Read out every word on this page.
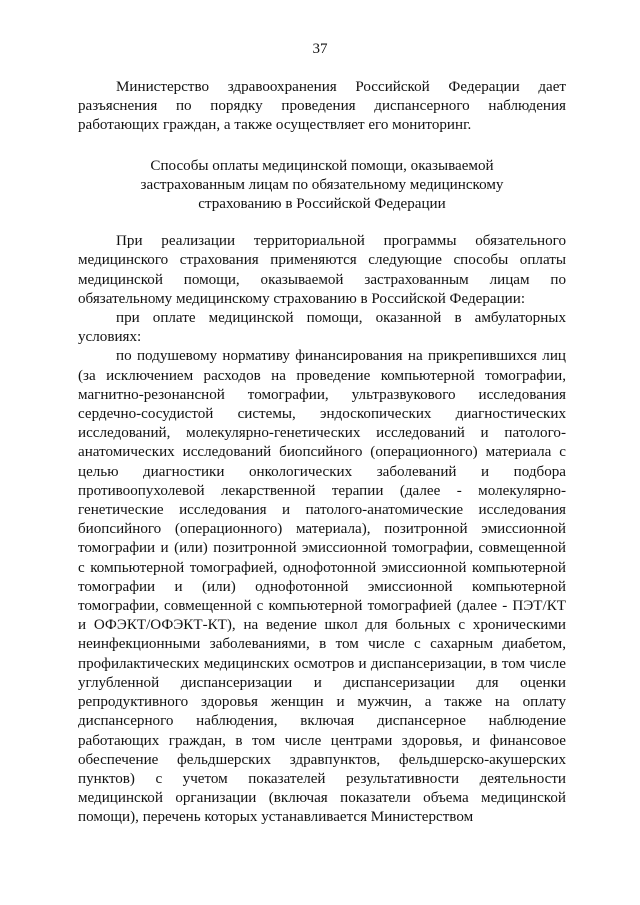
37

Министерство здравоохранения Российской Федерации дает разъяснения по порядку проведения диспансерного наблюдения работающих граждан, а также осуществляет его мониторинг.

Способы оплаты медицинской помощи, оказываемой
застрахованным лицам по обязательному медицинскому
страхованию в Российской Федерации

При реализации территориальной программы обязательного медицинского страхования применяются следующие способы оплаты медицинской помощи, оказываемой застрахованным лицам по обязательному медицинскому страхованию в Российской Федерации:

при оплате медицинской помощи, оказанной в амбулаторных условиях:

по подушевому нормативу финансирования на прикрепившихся лиц (за исключением расходов на проведение компьютерной томографии, магнитно-резонансной томографии, ультразвукового исследования сердечно-сосудистой системы, эндоскопических диагностических исследований, молекулярно-генетических исследований и патолого-анатомических исследований биопсийного (операционного) материала с целью диагностики онкологических заболеваний и подбора противоопухолевой лекарственной терапии (далее - молекулярно-генетические исследования и патолого-анатомические исследования биопсийного (операционного) материала), позитронной эмиссионной томографии и (или) позитронной эмиссионной томографии, совмещенной с компьютерной томографией, однофотонной эмиссионной компьютерной томографии и (или) однофотонной эмиссионной компьютерной томографии, совмещенной с компьютерной томографией (далее - ПЭТ/КТ и ОФЭКТ/ОФЭКТ-КТ), на ведение школ для больных с хроническими неинфекционными заболеваниями, в том числе с сахарным диабетом, профилактических медицинских осмотров и диспансеризации, в том числе углубленной диспансеризации и диспансеризации для оценки репродуктивного здоровья женщин и мужчин, а также на оплату диспансерного наблюдения, включая диспансерное наблюдение работающих граждан, в том числе центрами здоровья, и финансовое обеспечение фельдшерских здравпунктов, фельдшерско-акушерских пунктов) с учетом показателей результативности деятельности медицинской организации (включая показатели объема медицинской помощи), перечень которых устанавливается Министерством
